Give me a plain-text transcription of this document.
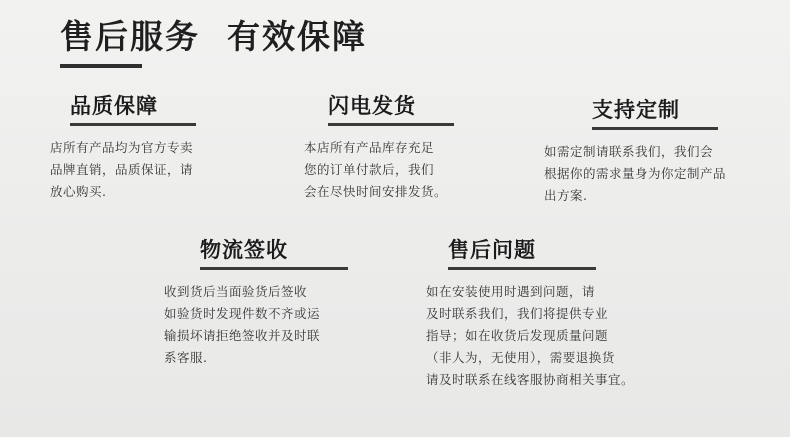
售后服务  有效保障
品质保障
店所有产品均为官方专卖
品牌直销，品质保证，请
放心购买.
闪电发货
本店所有产品库存充足
您的订单付款后，我们
会在尽快时间安排发货。
支持定制
如需定制请联系我们，我们会
根据你的需求量身为你定制产品
出方案.
物流签收
收到货后当面验货后签收
如验货时发现件数不齐或运
输损坏请拒绝签收并及时联
系客服.
售后问题
如在安装使用时遇到问题，请
及时联系我们，我们将提供专业
指导；如在收货后发现质量问题
（非人为，无使用），需要退换货
请及时联系在线客服协商相关事宜。
